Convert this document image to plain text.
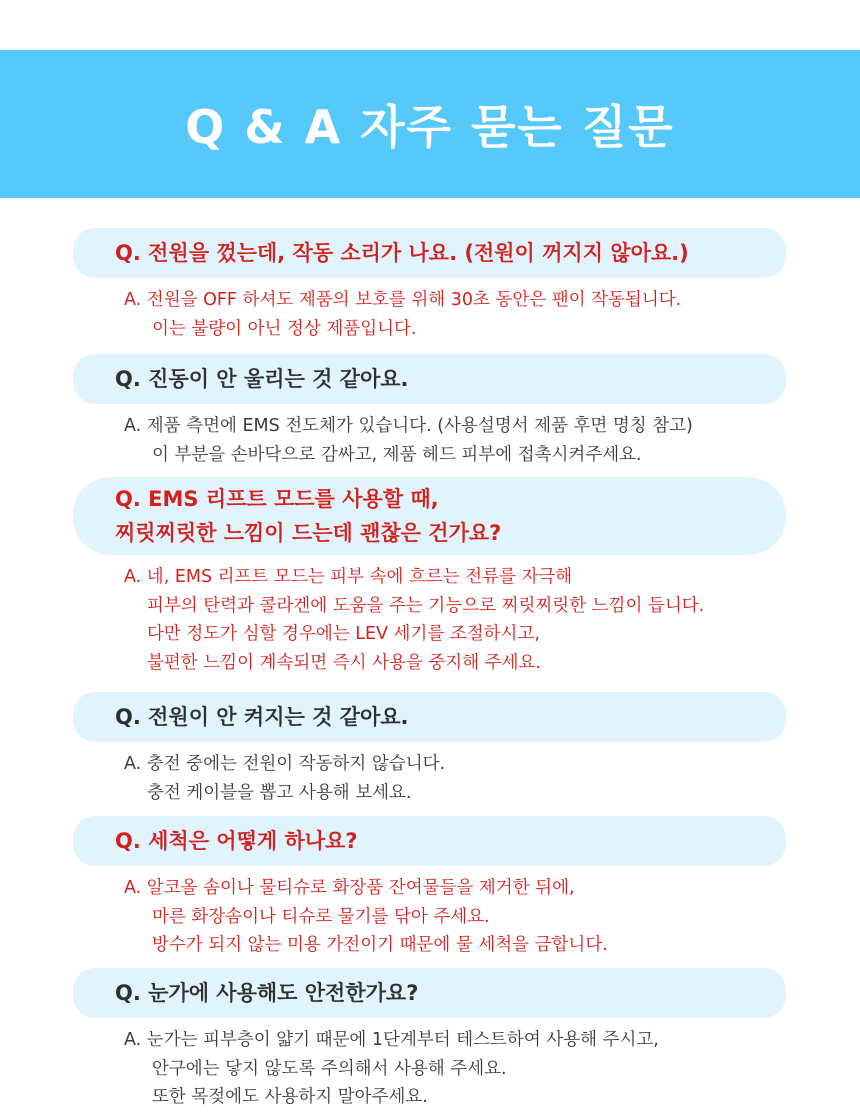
Q & A 자주 묻는 질문
Q. 전원을 껐는데, 작동 소리가 나요. (전원이 꺼지지 않아요.)
A. 전원을 OFF 하셔도 제품의 보호를 위해 30초 동안은 팬이 작동됩니다.
이는 불량이 아닌 정상 제품입니다.
Q. 진동이 안 울리는 것 같아요.
A. 제품 측면에 EMS 전도체가 있습니다. (사용설명서 제품 후면 명칭 참고)
이 부분을 손바닥으로 감싸고, 제품 헤드 피부에 접촉시켜주세요.
Q. EMS 리프트 모드를 사용할 때,
찌릿찌릿한 느낌이 드는데 괜찮은 건가요?
A. 네, EMS 리프트 모드는 피부 속에 흐르는 전류를 자극해
피부의 탄력과 콜라겐에 도움을 주는 기능으로 찌릿찌릿한 느낌이 듭니다.
다만 정도가 심할 경우에는 LEV 세기를 조절하시고,
불편한 느낌이 계속되면 즉시 사용을 중지해 주세요.
Q. 전원이 안 켜지는 것 같아요.
A. 충전 중에는 전원이 작동하지 않습니다.
충전 케이블을 뽑고 사용해 보세요.
Q. 세척은 어떻게 하나요?
A. 알코올 솜이나 물티슈로 화장품 잔여물들을 제거한 뒤에,
마른 화장솜이나 티슈로 물기를 닦아 주세요.
방수가 되지 않는 미용 가전이기 때문에 물 세척을 금합니다.
Q. 눈가에 사용해도 안전한가요?
A. 눈가는 피부층이 얇기 때문에 1단계부터 테스트하여 사용해 주시고,
안구에는 닿지 않도록 주의해서 사용해 주세요.
또한 목젖에도 사용하지 말아주세요.
